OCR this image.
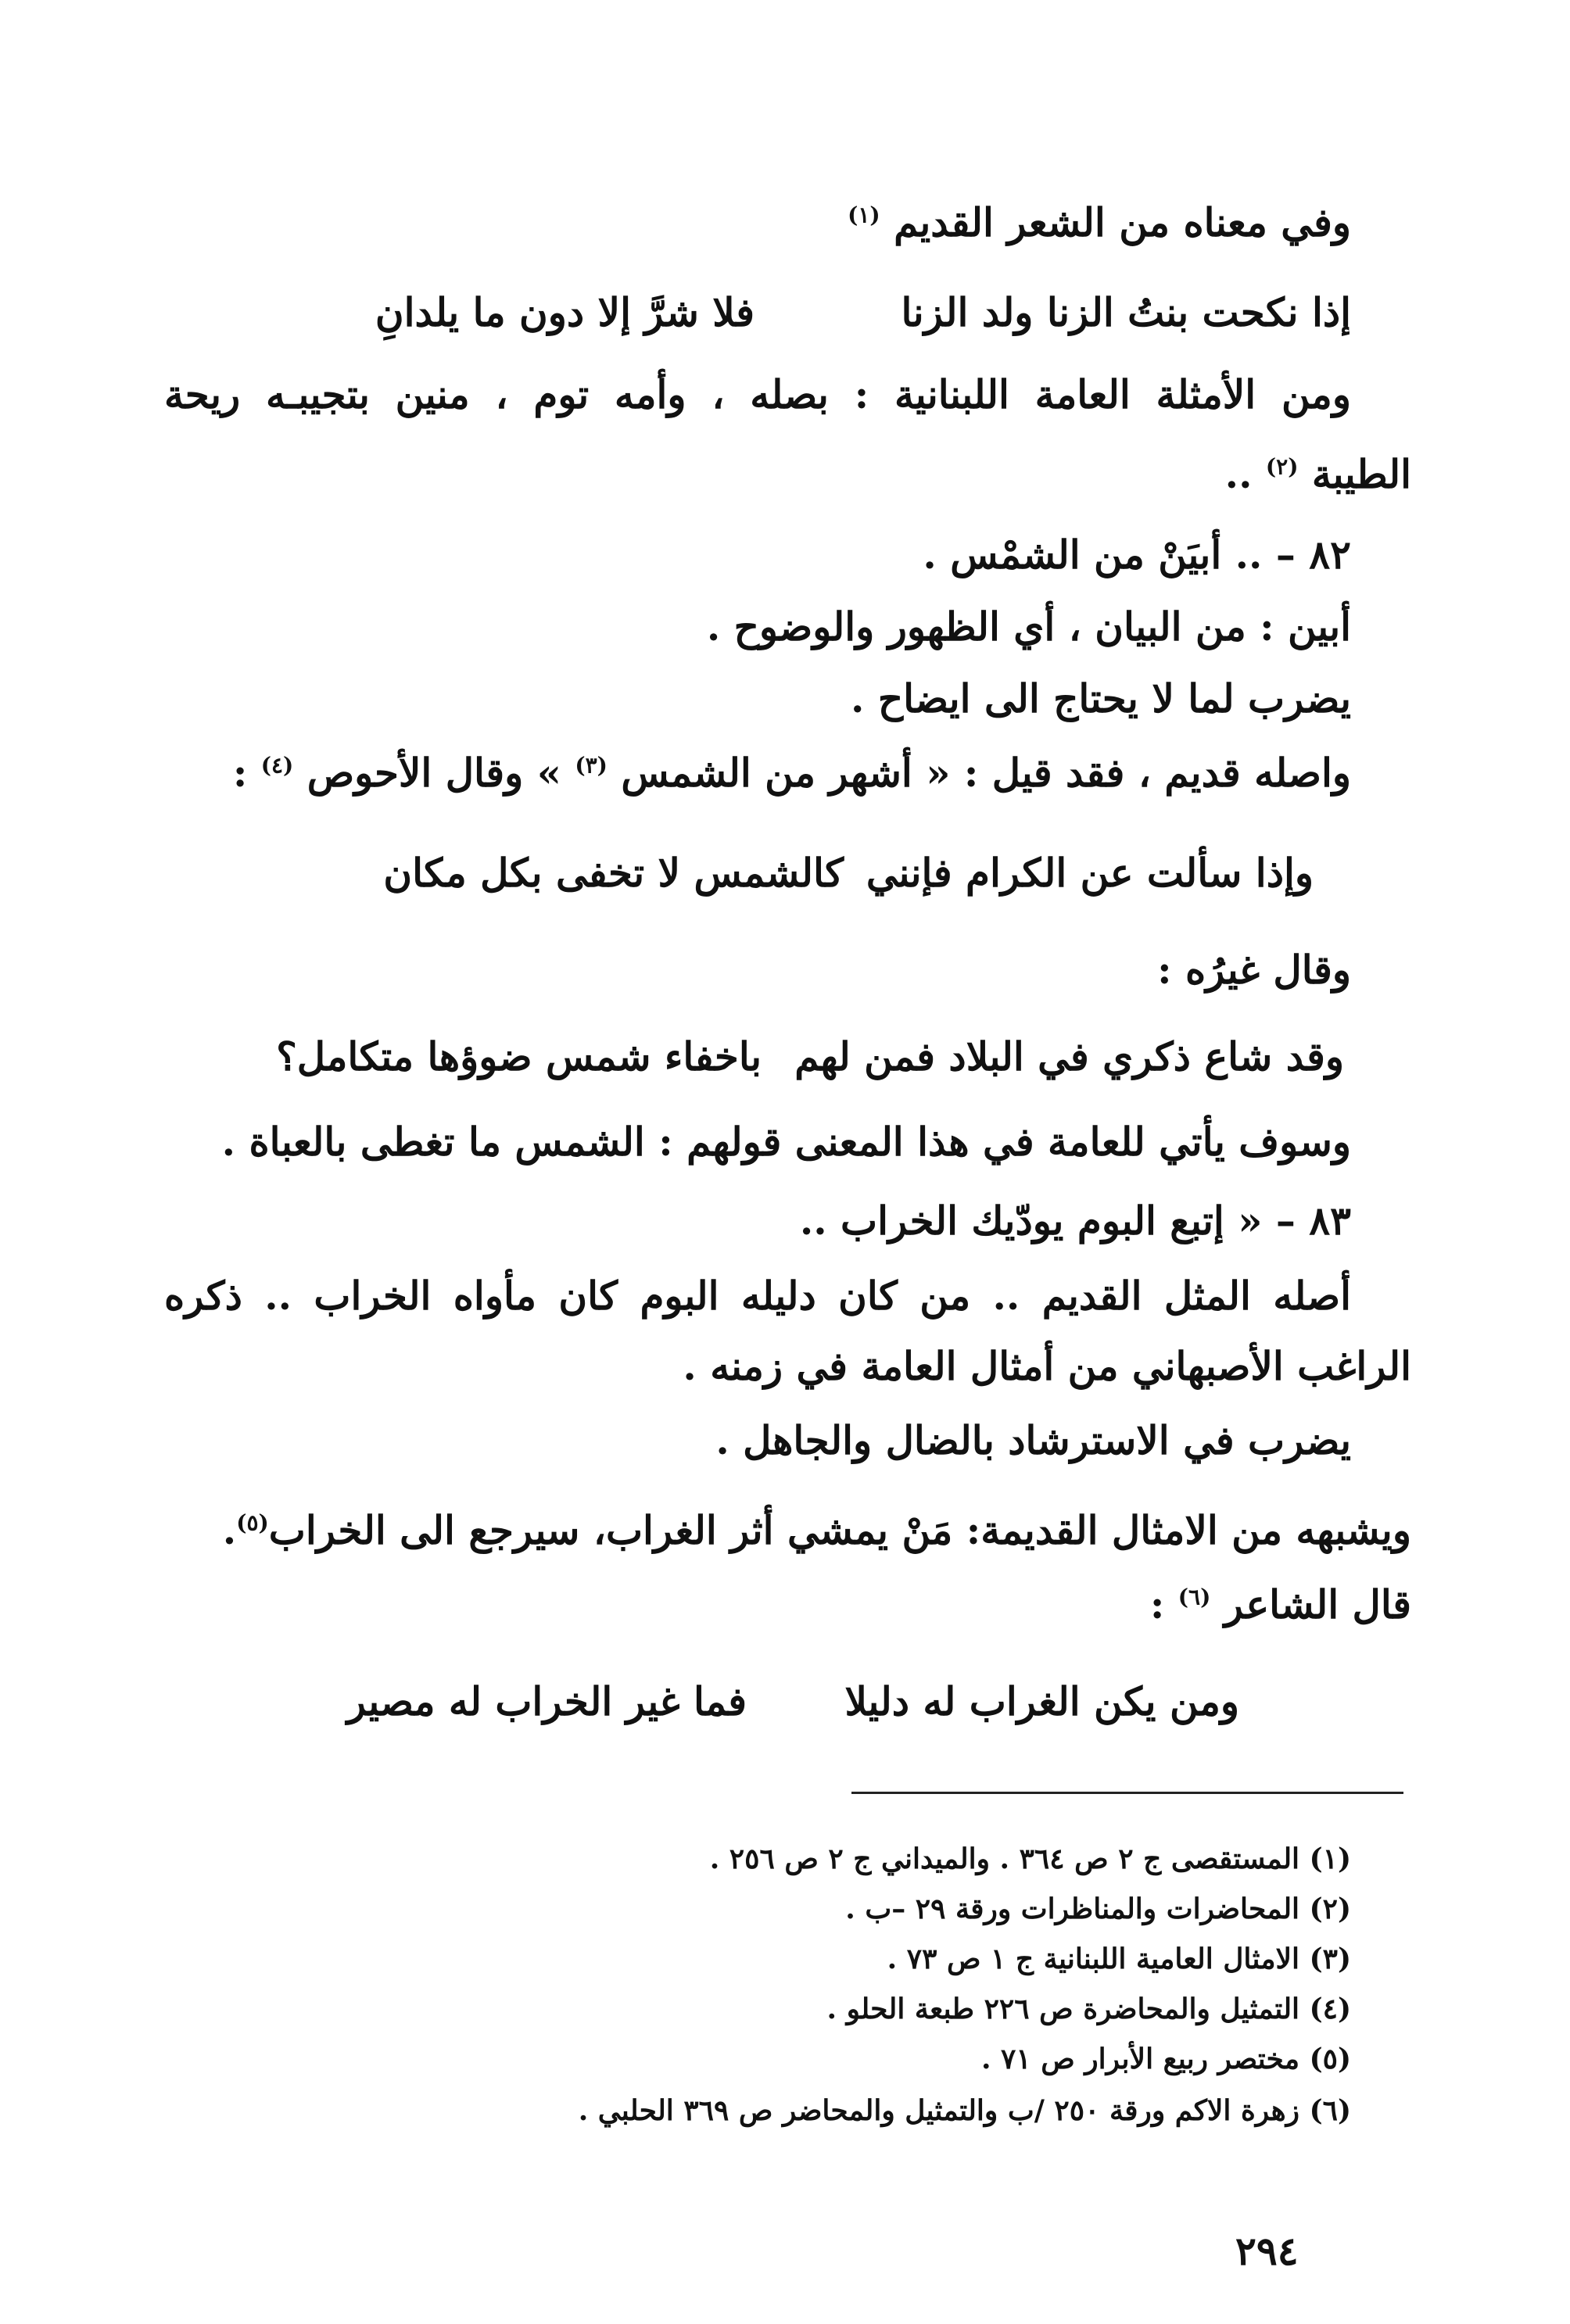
وفي معناه من الشعر القديم $^{(١)}$
إذا نكحت بنتُ الزنا ولد الزنا
فلا شرَّ إلا دون ما يلدانِ
ومن الأمثلة العامة اللبنانية : بصله ، وأمه توم ، منين بتجيبـه ريحة
الطيبة $^{(٢)}$ ..
٨٢ – .. أبيَنْ من الشمْس .
أبين : من البيان ، أي الظهور والوضوح .
يضرب لما لا يحتاج الى ايضاح .
واصله قديم ، فقد قيل : « أشهر من الشمس $^{(٣)}$ » وقال الأحوص $^{(٤)}$ :
وإذا سألت عن الكرام فإنني
كالشمس لا تخفى بكل مكان
وقال غيرُه :
وقد شاع ذكري في البلاد فمن لهم
باخفاء شمس ضوؤها متكامل؟
وسوف يأتي للعامة في هذا المعنى قولهم : الشمس ما تغطى بالعباة .
٨٣ – « إتبع البوم يودّيك الخراب ..
أصله المثل القديم .. من كان دليله البوم كان مأواه الخراب .. ذكره
الراغب الأصبهاني من أمثال العامة في زمنه .
يضرب في الاسترشاد بالضال والجاهل .
ويشبهه من الامثال القديمة: مَنْ يمشي أثر الغراب، سيرجع الى الخراب$^{(٥)}$.
قال الشاعر $^{(٦)}$ :
ومن يكن الغراب له دليلا
فما غير الخراب له مصير
(١) المستقصى ج ٢ ص ٣٦٤ . والميداني ج ٢ ص ٢٥٦ .
(٢) المحاضرات والمناظرات ورقة ٢٩ –ب .
(٣) الامثال العامية اللبنانية ج ١ ص ٧٣ .
(٤) التمثيل والمحاضرة ص ٢٢٦ طبعة الحلو .
(٥) مختصر ربيع الأبرار ص ٧١ .
(٦) زهرة الاكم ورقة ٢٥٠ /ب والتمثيل والمحاضر ص ٣٦٩ الحلبي .
٢٩٤
